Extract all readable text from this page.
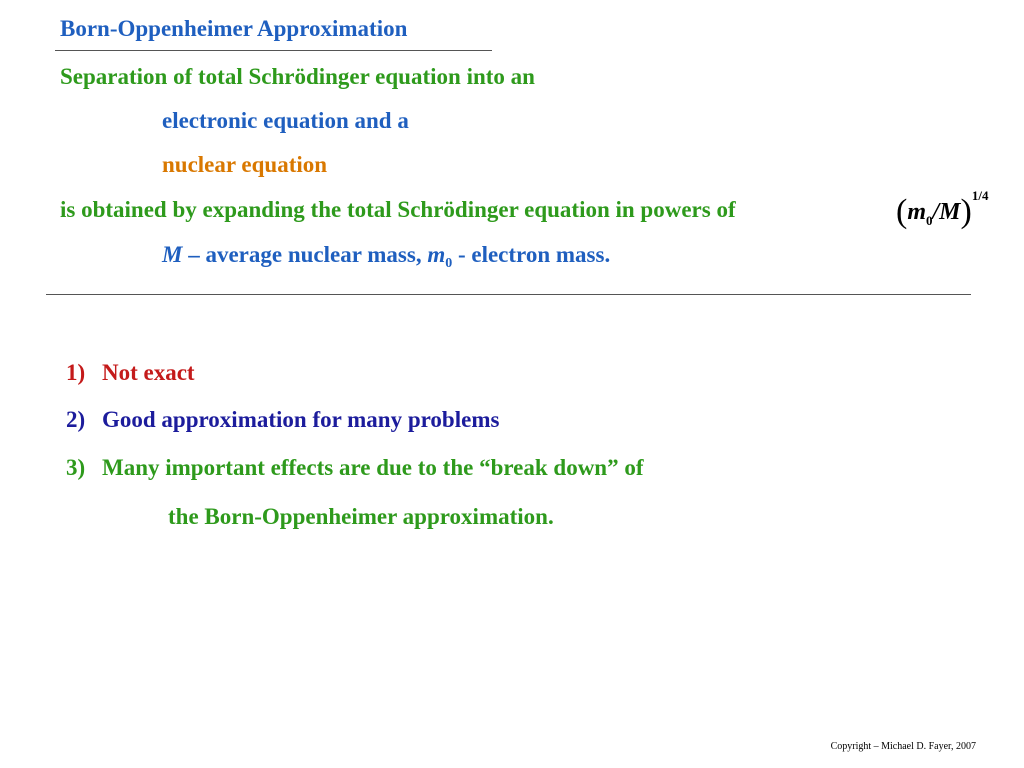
Born-Oppenheimer Approximation
Separation of total Schrödinger equation into an
electronic equation and a
nuclear equation
is obtained by expanding the total Schrödinger equation in powers of	$(m_0/M)^{1/4}$
M – average nuclear mass, $m_0$ - electron mass.
1) Not exact
2) Good approximation for many problems
3) Many important effects are due to the “break down” of
the Born-Oppenheimer approximation.
Copyright – Michael D. Fayer, 2007
